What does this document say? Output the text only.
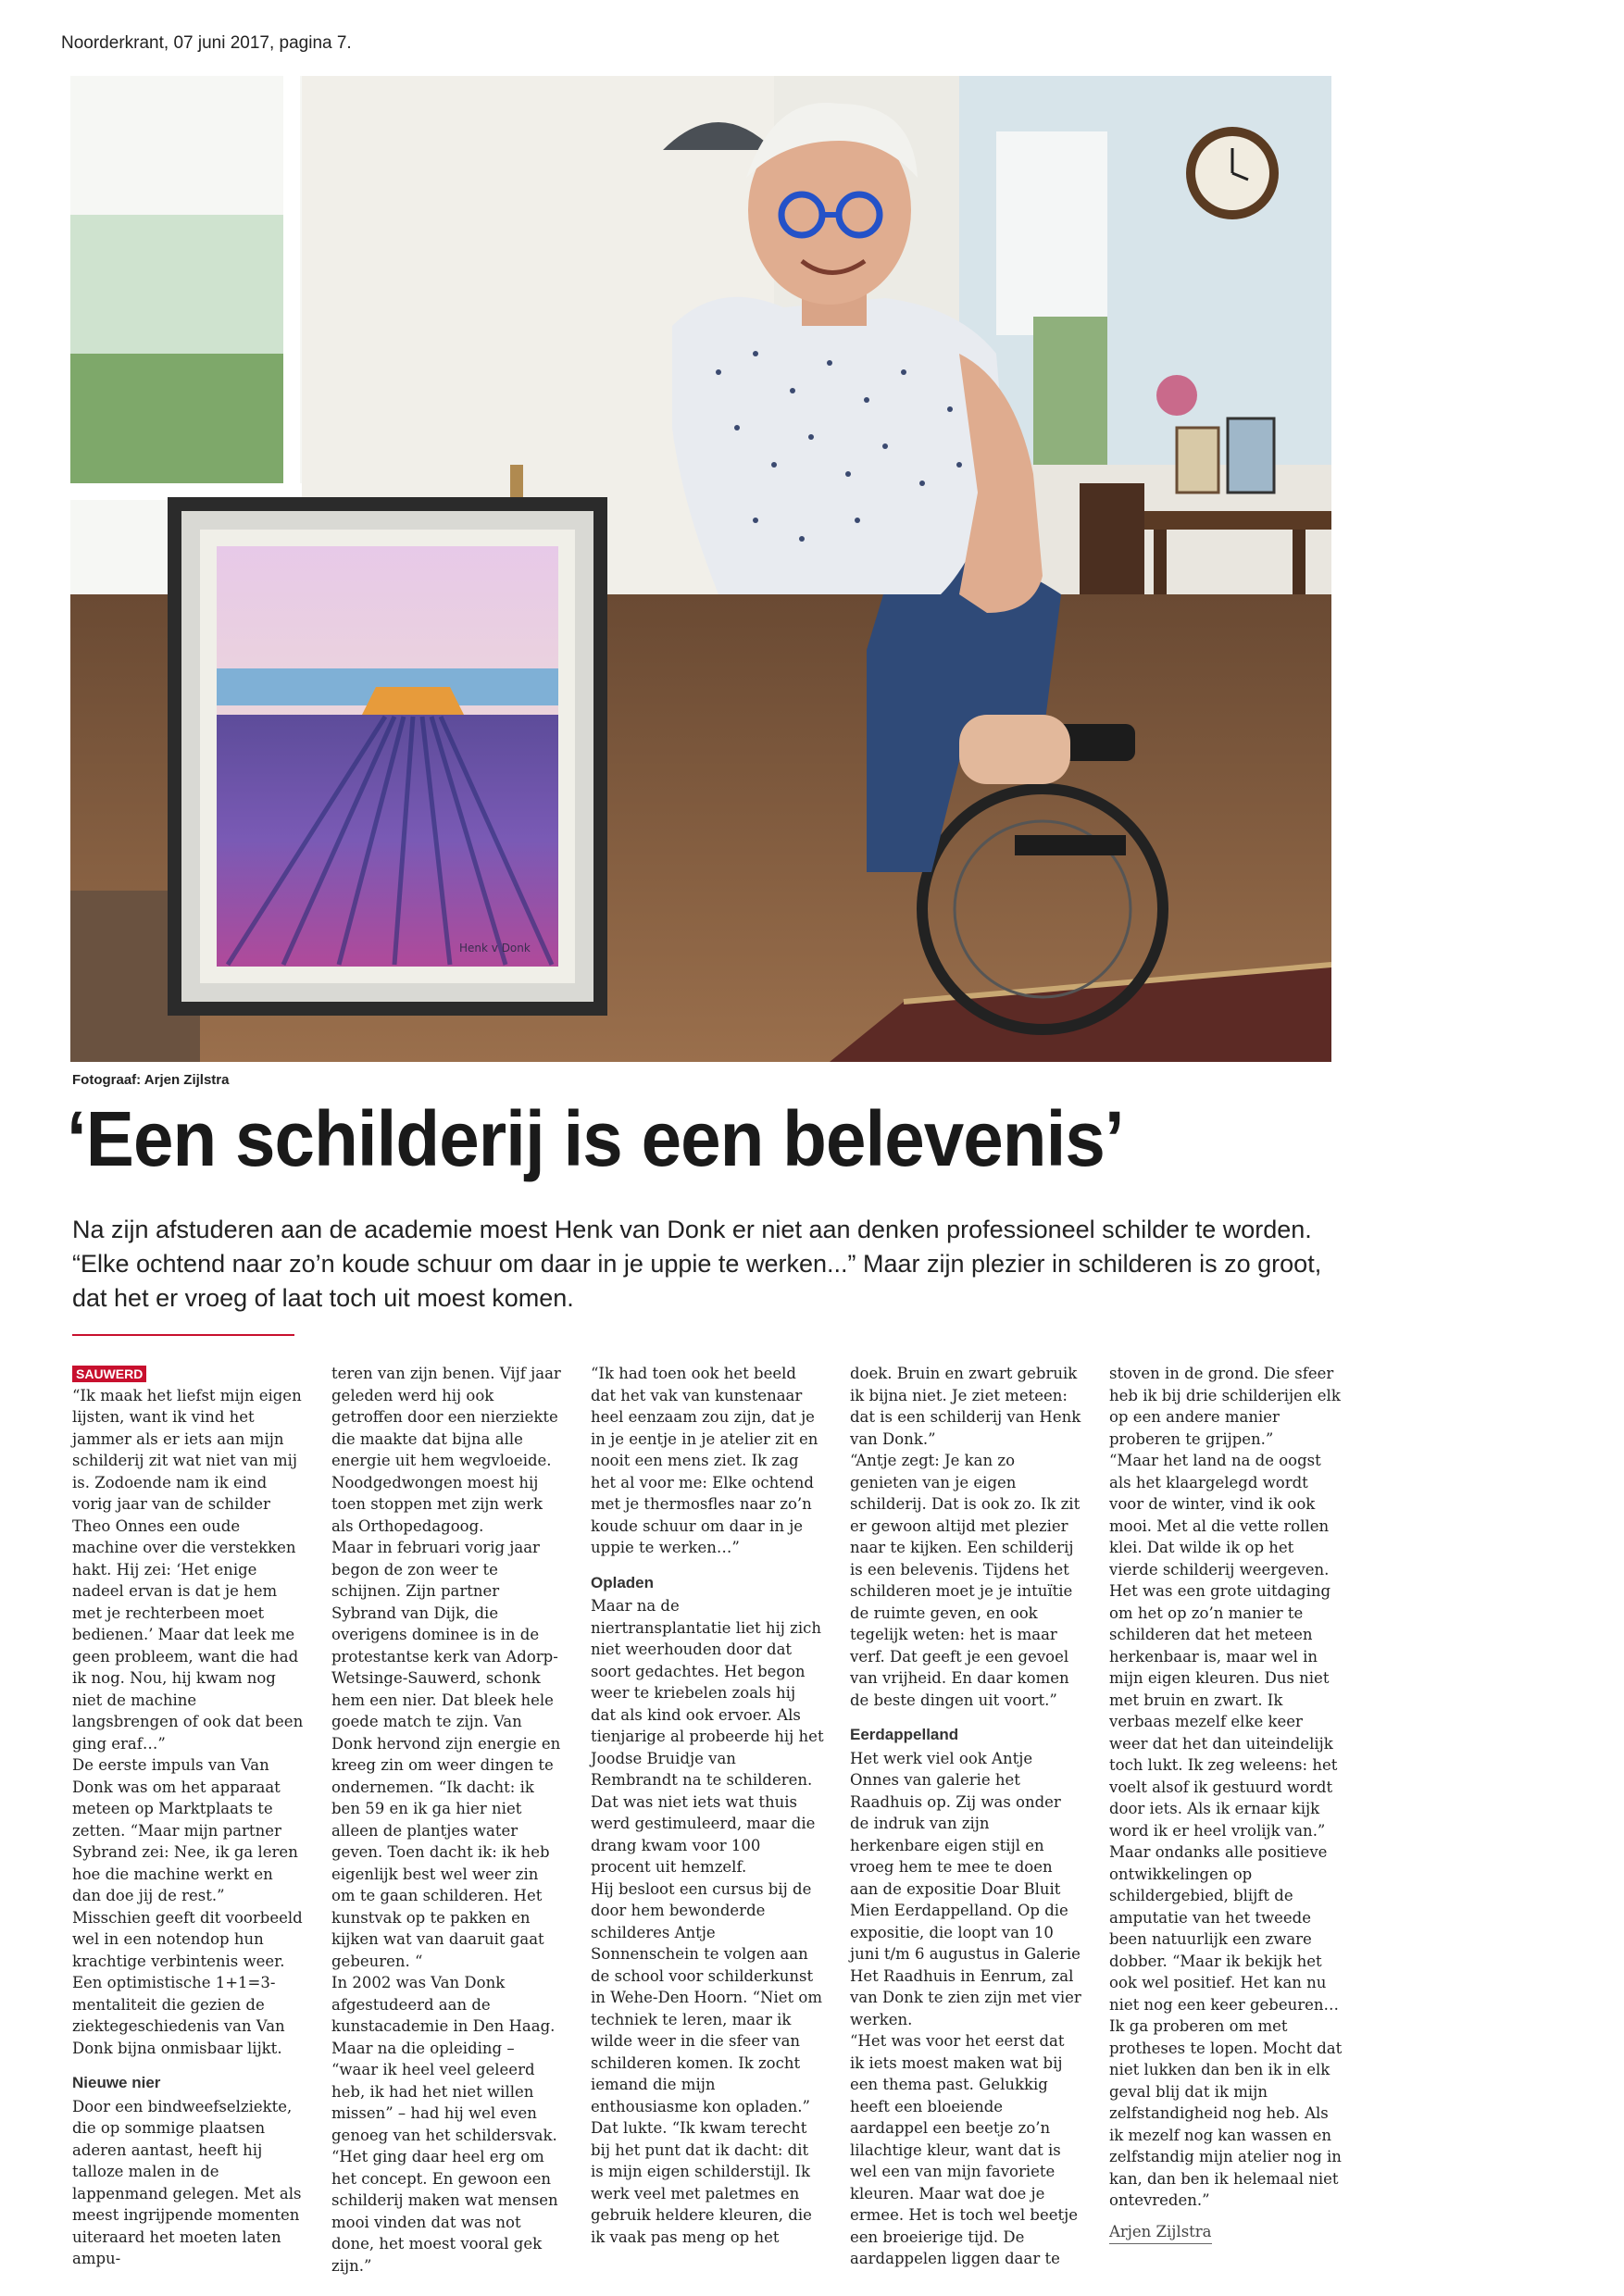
Noorderkrant, 07 juni 2017, pagina 7.
Henk v Donk
Fotograaf: Arjen Zijlstra
‘Een schilderij is een belevenis’
Na zijn afstuderen aan de academie moest Henk van Donk er niet aan denken professioneel schilder te worden. “Elke ochtend naar zo’n koude schuur om daar in je uppie te werken...” Maar zijn plezier in schilderen is zo groot, dat het er vroeg of laat toch uit moest komen.
SAUWERD

“Ik maak het liefst mijn eigen lijsten, want ik vind het jammer als er iets aan mijn schilderij zit wat niet van mij is. Zodoende nam ik eind vorig jaar van de schilder Theo Onnes een oude machine over die verstekken hakt. Hij zei: ‘Het enige nadeel ervan is dat je hem met je rechterbeen moet bedienen.’ Maar dat leek me geen probleem, want die had ik nog. Nou, hij kwam nog niet de machine langsbrengen of ook dat been ging eraf…”

De eerste impuls van Van Donk was om het apparaat meteen op Marktplaats te zetten. “Maar mijn partner Sybrand zei: Nee, ik ga leren hoe die machine werkt en dan doe jij de rest.” Misschien geeft dit voorbeeld wel in een notendop hun krachtige verbintenis weer. Een optimistische 1+1=3-mentaliteit die gezien de ziektegeschiedenis van Van Donk bijna onmisbaar lijkt.

Nieuwe nier

Door een bindweefselziekte, die op sommige plaatsen aderen aantast, heeft hij talloze malen in de lappenmand gelegen. Met als meest ingrijpende momenten uiteraard het moeten laten ampu-

teren van zijn benen. Vijf jaar geleden werd hij ook getroffen door een nierziekte die maakte dat bijna alle energie uit hem wegvloeide. Noodgedwongen moest hij toen stoppen met zijn werk als Orthopedagoog.

Maar in februari vorig jaar begon de zon weer te schijnen. Zijn partner Sybrand van Dijk, die overigens dominee is in de protestantse kerk van Adorp-Wetsinge-Sauwerd, schonk hem een nier. Dat bleek hele goede match te zijn. Van Donk hervond zijn energie en kreeg zin om weer dingen te ondernemen. “Ik dacht: ik ben 59 en ik ga hier niet alleen de plantjes water geven. Toen dacht ik: ik heb eigenlijk best wel weer zin om te gaan schilderen. Het kunstvak op te pakken en kijken wat van daaruit gaat gebeuren. “

In 2002 was Van Donk afgestudeerd aan de kunstacademie in Den Haag. Maar na die opleiding – “waar ik heel veel geleerd heb, ik had het niet willen missen” – had hij wel even genoeg van het schildersvak. “Het ging daar heel erg om het concept. En gewoon een schilderij maken wat mensen mooi vinden dat was not done, het moest vooral gek zijn.”

“Ik had toen ook het beeld dat het vak van kunstenaar heel eenzaam zou zijn, dat je in je eentje in je atelier zit en nooit een mens ziet. Ik zag het al voor me: Elke ochtend met je thermosfles naar zo’n koude schuur om daar in je uppie te werken…”

Opladen

Maar na de niertransplantatie liet hij zich niet weerhouden door dat soort gedachtes. Het begon weer te kriebelen zoals hij dat als kind ook ervoer. Als tienjarige al probeerde hij het Joodse Bruidje van Rembrandt na te schilderen. Dat was niet iets wat thuis werd gestimuleerd, maar die drang kwam voor 100 procent uit hemzelf.

Hij besloot een cursus bij de door hem bewonderde schilderes Antje Sonnenschein te volgen aan de school voor schilderkunst in Wehe-Den Hoorn. “Niet om techniek te leren, maar ik wilde weer in die sfeer van schilderen komen. Ik zocht iemand die mijn enthousiasme kon opladen.”

Dat lukte. “Ik kwam terecht bij het punt dat ik dacht: dit is mijn eigen schilderstijl. Ik werk veel met paletmes en gebruik heldere kleuren, die ik vaak pas meng op het

doek. Bruin en zwart gebruik ik bijna niet. Je ziet meteen: dat is een schilderij van Henk van Donk.”

“Antje zegt: Je kan zo genieten van je eigen schilderij. Dat is ook zo. Ik zit er gewoon altijd met plezier naar te kijken. Een schilderij is een belevenis. Tijdens het schilderen moet je je intuïtie de ruimte geven, en ook tegelijk weten: het is maar verf. Dat geeft je een gevoel van vrijheid. En daar komen de beste dingen uit voort.”

Eerdappelland

Het werk viel ook Antje Onnes van galerie het Raadhuis op. Zij was onder de indruk van zijn herkenbare eigen stijl en vroeg hem te mee te doen aan de expositie Doar Bluit Mien Eerdappelland. Op die expositie, die loopt van 10 juni t/m 6 augustus in Galerie Het Raadhuis in Eenrum, zal van Donk te zien zijn met vier werken.

“Het was voor het eerst dat ik iets moest maken wat bij een thema past. Gelukkig heeft een bloeiende aardappel een beetje zo’n lilachtige kleur, want dat is wel een van mijn favoriete kleuren. Maar wat doe je ermee. Het is toch wel beetje een broeierige tijd. De aardappelen liggen daar te

stoven in de grond. Die sfeer heb ik bij drie schilderijen elk op een andere manier proberen te grijpen.”

“Maar het land na de oogst als het klaargelegd wordt voor de winter, vind ik ook mooi. Met al die vette rollen klei. Dat wilde ik op het vierde schilderij weergeven. Het was een grote uitdaging om het op zo’n manier te schilderen dat het meteen herkenbaar is, maar wel in mijn eigen kleuren. Dus niet met bruin en zwart. Ik verbaas mezelf elke keer weer dat het dan uiteindelijk toch lukt. Ik zeg weleens: het voelt alsof ik gestuurd wordt door iets. Als ik ernaar kijk word ik er heel vrolijk van.”

Maar ondanks alle positieve ontwikkelingen op schildergebied, blijft de amputatie van het tweede been natuurlijk een zware dobber. “Maar ik bekijk het ook wel positief. Het kan nu niet nog een keer gebeuren… Ik ga proberen om met protheses te lopen. Mocht dat niet lukken dan ben ik in elk geval blij dat ik mijn zelfstandigheid nog heb. Als ik mezelf nog kan wassen en zelfstandig mijn atelier nog in kan, dan ben ik helemaal niet ontevreden.”

Arjen Zijlstra
